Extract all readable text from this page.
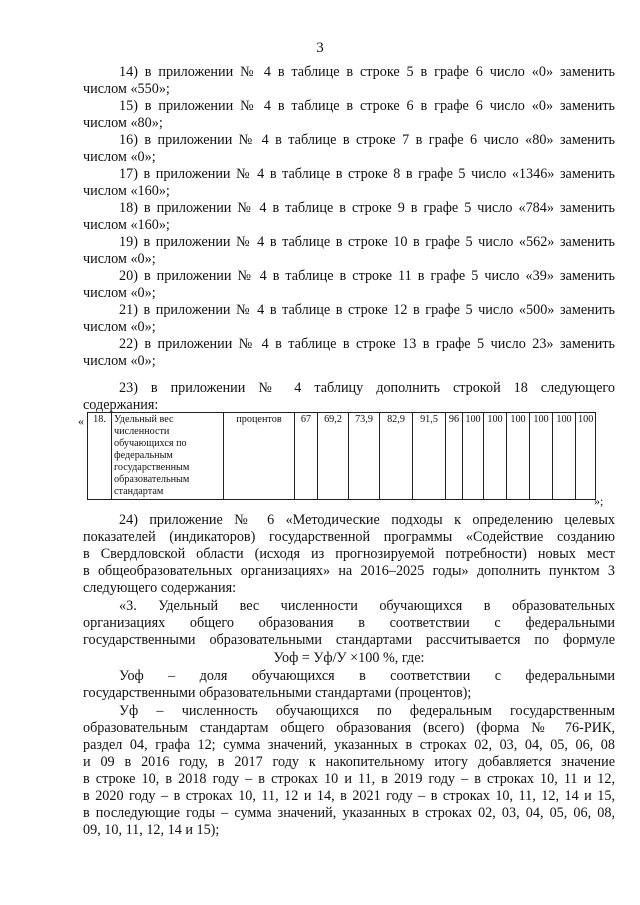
3
14) в приложении № 4 в таблице в строке 5 в графе 6 число «0» заменить
числом «550»;
15) в приложении № 4 в таблице в строке 6 в графе 6 число «0» заменить
числом «80»;
16) в приложении № 4 в таблице в строке 7 в графе 6 число «80» заменить
числом «0»;
17) в приложении № 4 в таблице в строке 8 в графе 5 число «1346» заменить
числом «160»;
18) в приложении № 4 в таблице в строке 9 в графе 5 число «784» заменить
числом «160»;
19) в приложении № 4 в таблице в строке 10 в графе 5 число «562» заменить
числом «0»;
20) в приложении № 4 в таблице в строке 11 в графе 5 число «39» заменить
числом «0»;
21) в приложении № 4 в таблице в строке 12 в графе 5 число «500» заменить
числом «0»;
22) в приложении № 4 в таблице в строке 13 в графе 5 число 23» заменить
числом «0»;
23) в приложении № 4 таблицу дополнить строкой 18 следующего
содержания:
« 18.	Удельный вес численности обучающихся по федеральным государственным образовательным стандартам	процентов	67	69,2	73,9	82,9	91,5	96	100	100	100	100	100	100
»;
24) приложение № 6 «Методические подходы к определению целевых
показателей (индикаторов) государственной программы «Содействие созданию
в Свердловской области (исходя из прогнозируемой потребности) новых мест
в общеобразовательных организациях» на 2016–2025 годы» дополнить пунктом 3
следующего содержания:
«3. Удельный вес численности обучающихся в образовательных
организациях общего образования в соответствии с федеральными
государственными образовательными стандартами рассчитывается по формуле
Уоф = Уф/У ×100 %, где:
Уоф – доля обучающихся в соответствии с федеральными
государственными образовательными стандартами (процентов);
Уф – численность обучающихся по федеральным государственным
образовательным стандартам общего образования (всего) (форма № 76-РИК,
раздел 04, графа 12; сумма значений, указанных в строках 02, 03, 04, 05, 06, 08
и 09 в 2016 году, в 2017 году к накопительному итогу добавляется значение
в строке 10, в 2018 году – в строках 10 и 11, в 2019 году – в строках 10, 11 и 12,
в 2020 году – в строках 10, 11, 12 и 14, в 2021 году – в строках 10, 11, 12, 14 и 15,
в последующие годы – сумма значений, указанных в строках 02, 03, 04, 05, 06, 08,
09, 10, 11, 12, 14 и 15);
